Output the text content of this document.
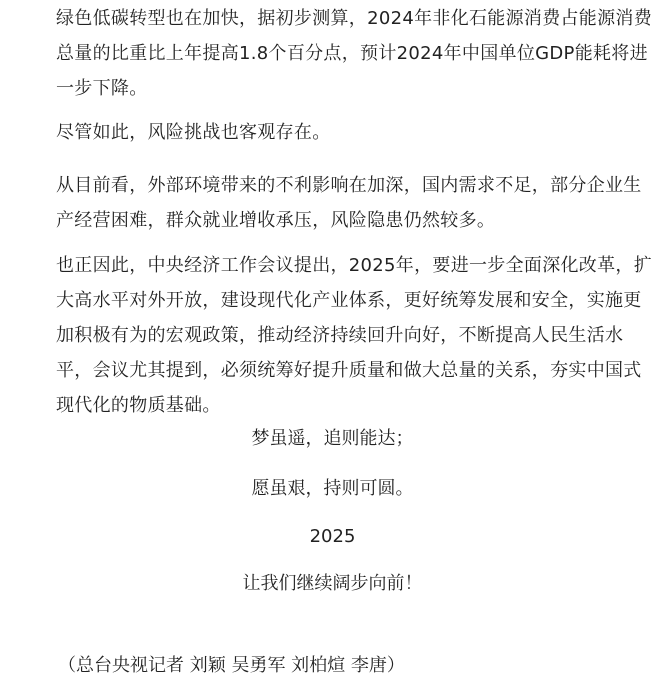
绿色低碳转型也在加快，据初步测算，2024年非化石能源消费占能源消费总量的比重比上年提高1.8个百分点，预计2024年中国单位GDP能耗将进一步下降。

尽管如此，风险挑战也客观存在。

从目前看，外部环境带来的不利影响在加深，国内需求不足，部分企业生产经营困难，群众就业增收承压，风险隐患仍然较多。

也正因此，中央经济工作会议提出，2025年，要进一步全面深化改革，扩大高水平对外开放，建设现代化产业体系，更好统筹发展和安全，实施更加积极有为的宏观政策，推动经济持续回升向好，不断提高人民生活水平，会议尤其提到，必须统筹好提升质量和做大总量的关系，夯实中国式现代化的物质基础。

梦虽遥，追则能达；

愿虽艰，持则可圆。

2025

让我们继续阔步向前！

（总台央视记者 刘颖 吴勇军 刘柏煊 李唐）
